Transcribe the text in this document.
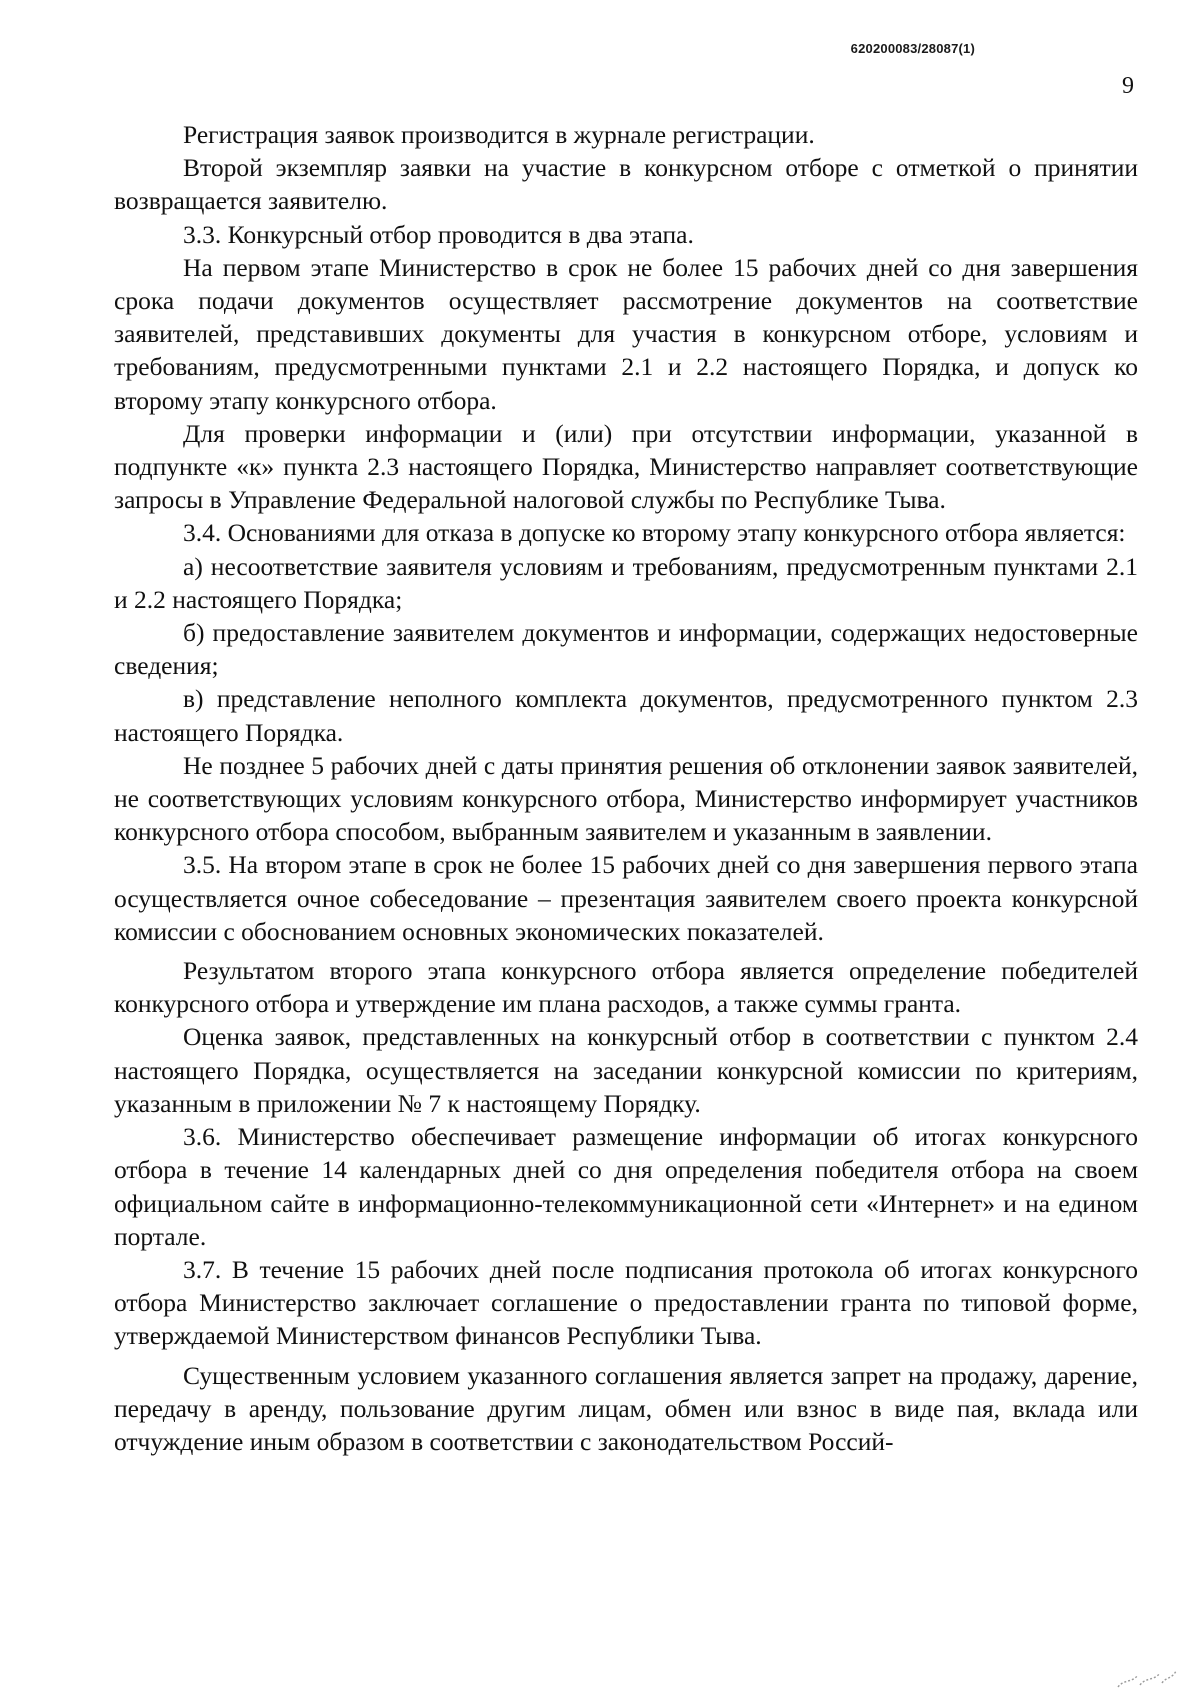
620200083/28087(1)
9

Регистрация заявок производится в журнале регистрации.

Второй экземпляр заявки на участие в конкурсном отборе с отметкой о принятии возвращается заявителю.

3.3. Конкурсный отбор проводится в два этапа.

На первом этапе Министерство в срок не более 15 рабочих дней со дня завершения срока подачи документов осуществляет рассмотрение документов на соответствие заявителей, представивших документы для участия в конкурсном отборе, условиям и требованиям, предусмотренными пунктами 2.1 и 2.2 настоящего Порядка, и допуск ко второму этапу конкурсного отбора.

Для проверки информации и (или) при отсутствии информации, указанной в подпункте «к» пункта 2.3 настоящего Порядка, Министерство направляет соответствующие запросы в Управление Федеральной налоговой службы по Республике Тыва.

3.4. Основаниями для отказа в допуске ко второму этапу конкурсного отбора является:

а) несоответствие заявителя условиям и требованиям, предусмотренным пунктами 2.1 и 2.2 настоящего Порядка;

б) предоставление заявителем документов и информации, содержащих недостоверные сведения;

в) представление неполного комплекта документов, предусмотренного пунктом 2.3 настоящего Порядка.

Не позднее 5 рабочих дней с даты принятия решения об отклонении заявок заявителей, не соответствующих условиям конкурсного отбора, Министерство информирует участников конкурсного отбора способом, выбранным заявителем и указанным в заявлении.

3.5. На втором этапе в срок не более 15 рабочих дней со дня завершения первого этапа осуществляется очное собеседование – презентация заявителем своего проекта конкурсной комиссии с обоснованием основных экономических показателей.

Результатом второго этапа конкурсного отбора является определение победителей конкурсного отбора и утверждение им плана расходов, а также суммы гранта.

Оценка заявок, представленных на конкурсный отбор в соответствии с пунктом 2.4 настоящего Порядка, осуществляется на заседании конкурсной комиссии по критериям, указанным в приложении № 7 к настоящему Порядку.

3.6. Министерство обеспечивает размещение информации об итогах конкурсного отбора в течение 14 календарных дней со дня определения победителя отбора на своем официальном сайте в информационно-телекоммуникационной сети «Интернет» и на едином портале.

3.7. В течение 15 рабочих дней после подписания протокола об итогах конкурсного отбора Министерство заключает соглашение о предоставлении гранта по типовой форме, утверждаемой Министерством финансов Республики Тыва.

Существенным условием указанного соглашения является запрет на продажу, дарение, передачу в аренду, пользование другим лицам, обмен или взнос в виде пая, вклада или отчуждение иным образом в соответствии с законодательством Россий-
